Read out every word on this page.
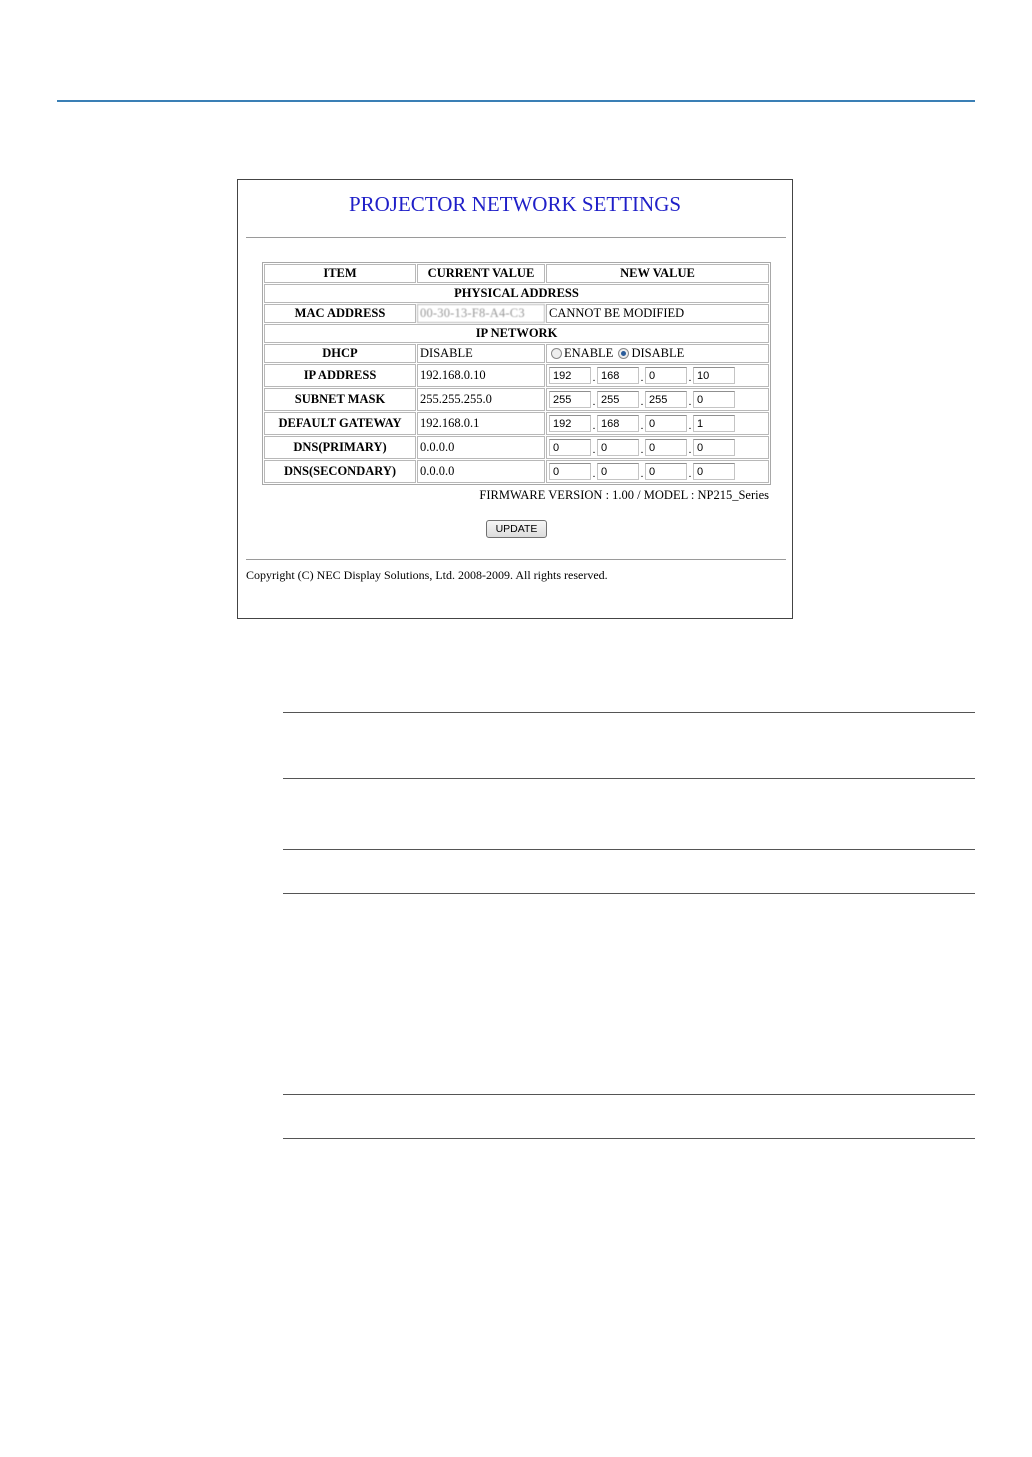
PROJECTOR NETWORK SETTINGS
ITEM	CURRENT VALUE	NEW VALUE
PHYSICAL ADDRESS		
MAC ADDRESS	00-30-13-F8-A4-C3	CANNOT BE MODIFIED
IP NETWORK		
DHCP	DISABLE	ENABLE DISABLE
IP ADDRESS	192.168.0.10	192 . 168 . 0 . 10
SUBNET MASK	255.255.255.0	255 . 255 . 255 . 0
DEFAULT GATEWAY	192.168.0.1	192 . 168 . 0 . 1
DNS(PRIMARY)	0.0.0.0	0 . 0 . 0 . 0
DNS(SECONDARY)	0.0.0.0	0 . 0 . 0 . 0
FIRMWARE VERSION : 1.00 / MODEL : NP215_Series
UPDATE
Copyright (C) NEC Display Solutions, Ltd. 2008-2009. All rights reserved.
